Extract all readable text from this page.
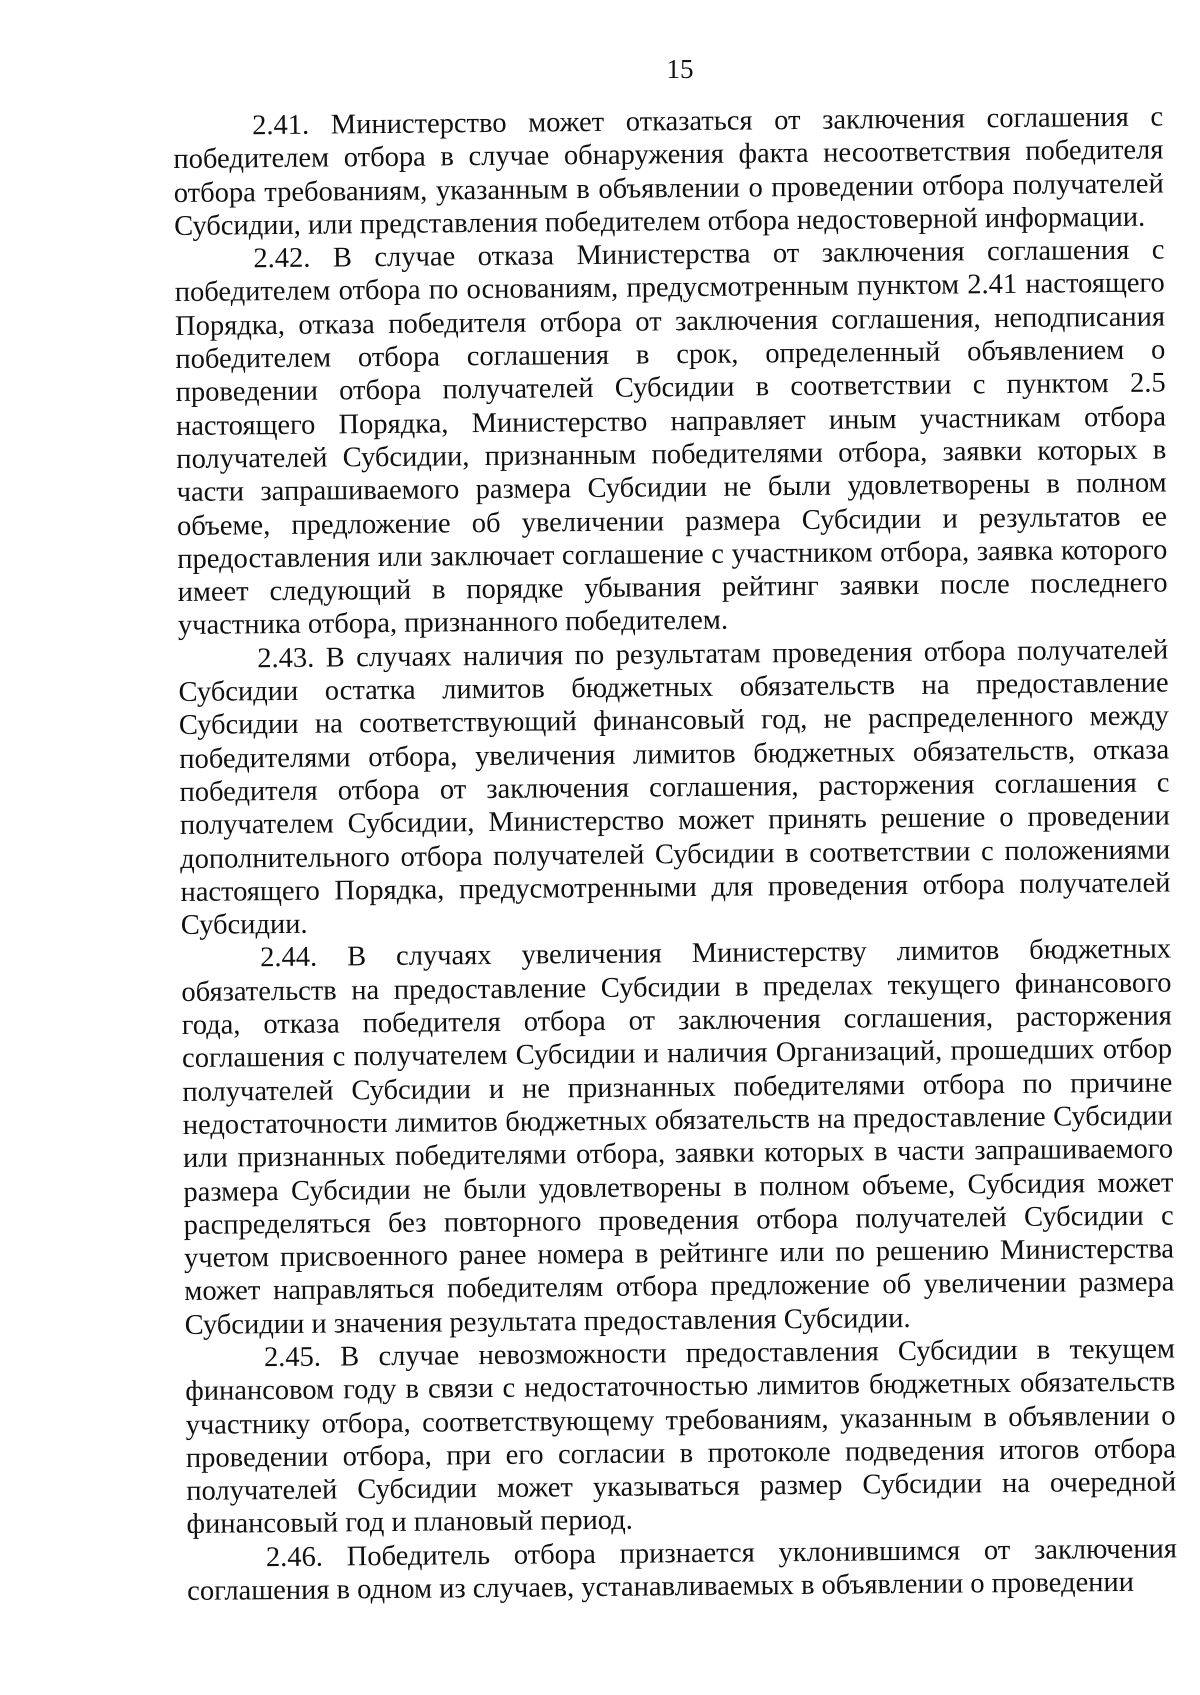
15

2.41. Министерство может отказаться от заключения соглашения с победителем отбора в случае обнаружения факта несоответствия победителя отбора требованиям, указанным в объявлении о проведении отбора получателей Субсидии, или представления победителем отбора недостоверной информации.

2.42. В случае отказа Министерства от заключения соглашения с победителем отбора по основаниям, предусмотренным пунктом 2.41 настоящего Порядка, отказа победителя отбора от заключения соглашения, неподписания победителем отбора соглашения в срок, определенный объявлением о проведении отбора получателей Субсидии в соответствии с пунктом 2.5 настоящего Порядка, Министерство направляет иным участникам отбора получателей Субсидии, признанным победителями отбора, заявки которых в части запрашиваемого размера Субсидии не были удовлетворены в полном объеме, предложение об увеличении размера Субсидии и результатов ее предоставления или заключает соглашение с участником отбора, заявка которого имеет следующий в порядке убывания рейтинг заявки после последнего участника отбора, признанного победителем.

2.43. В случаях наличия по результатам проведения отбора получателей Субсидии остатка лимитов бюджетных обязательств на предоставление Субсидии на соответствующий финансовый год, не распределенного между победителями отбора, увеличения лимитов бюджетных обязательств, отказа победителя отбора от заключения соглашения, расторжения соглашения с получателем Субсидии, Министерство может принять решение о проведении дополнительного отбора получателей Субсидии в соответствии с положениями настоящего Порядка, предусмотренными для проведения отбора получателей Субсидии.

2.44. В случаях увеличения Министерству лимитов бюджетных обязательств на предоставление Субсидии в пределах текущего финансового года, отказа победителя отбора от заключения соглашения, расторжения соглашения с получателем Субсидии и наличия Организаций, прошедших отбор получателей Субсидии и не признанных победителями отбора по причине недостаточности лимитов бюджетных обязательств на предоставление Субсидии или признанных победителями отбора, заявки которых в части запрашиваемого размера Субсидии не были удовлетворены в полном объеме, Субсидия может распределяться без повторного проведения отбора получателей Субсидии с учетом присвоенного ранее номера в рейтинге или по решению Министерства может направляться победителям отбора предложение об увеличении размера Субсидии и значения результата предоставления Субсидии.

2.45. В случае невозможности предоставления Субсидии в текущем финансовом году в связи с недостаточностью лимитов бюджетных обязательств участнику отбора, соответствующему требованиям, указанным в объявлении о проведении отбора, при его согласии в протоколе подведения итогов отбора получателей Субсидии может указываться размер Субсидии на очередной финансовый год и плановый период.

2.46. Победитель отбора признается уклонившимся от заключения соглашения в одном из случаев, устанавливаемых в объявлении о проведении
